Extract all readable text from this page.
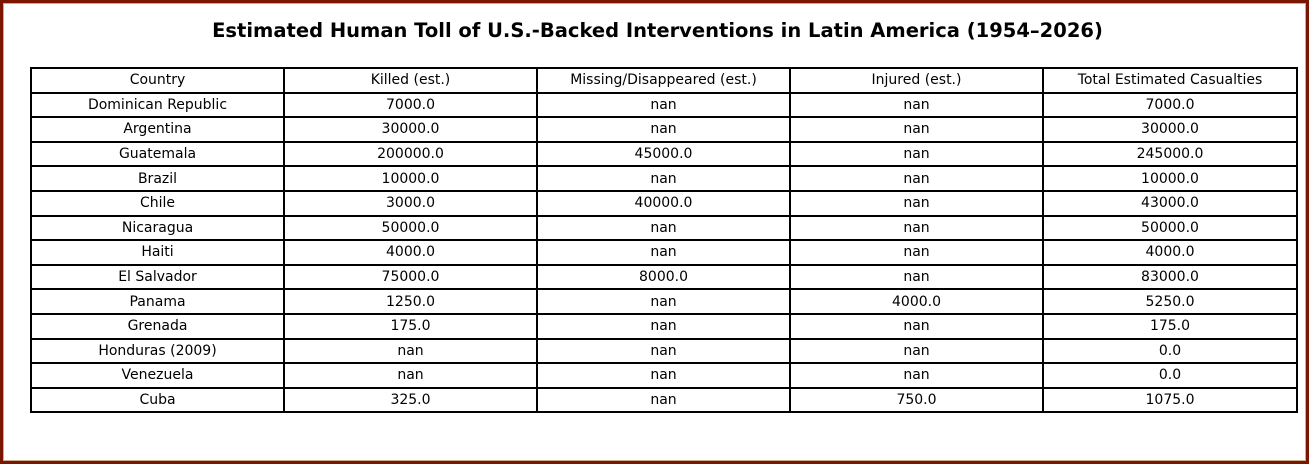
Estimated Human Toll of U.S.-Backed Interventions in Latin America (1954–2026)
Country	Killed (est.)	Missing/Disappeared (est.)	Injured (est.)	Total Estimated Casualties
Dominican Republic	7000.0	nan	nan	7000.0
Argentina	30000.0	nan	nan	30000.0
Guatemala	200000.0	45000.0	nan	245000.0
Brazil	10000.0	nan	nan	10000.0
Chile	3000.0	40000.0	nan	43000.0
Nicaragua	50000.0	nan	nan	50000.0
Haiti	4000.0	nan	nan	4000.0
El Salvador	75000.0	8000.0	nan	83000.0
Panama	1250.0	nan	4000.0	5250.0
Grenada	175.0	nan	nan	175.0
Honduras (2009)	nan	nan	nan	0.0
Venezuela	nan	nan	nan	0.0
Cuba	325.0	nan	750.0	1075.0
